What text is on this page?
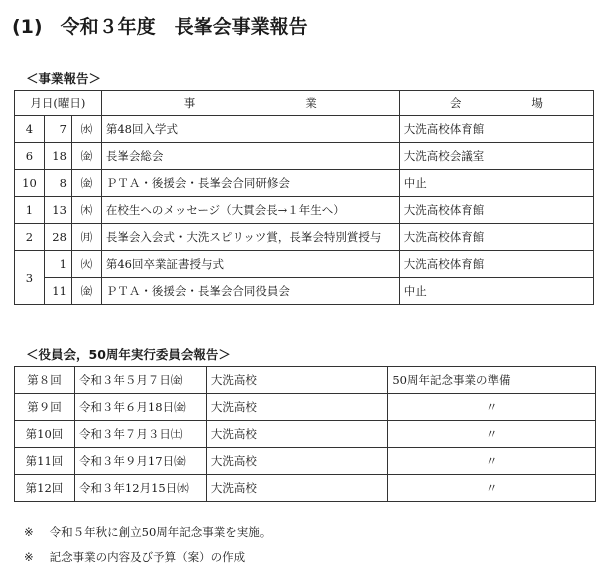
(1) 令和３年度　長峯会事業報告
＜事業報告＞
月日(曜日)			事 業	会 場
4	7	㈬	第48回入学式	大洗高校体育館
6	18	㈮	長峯会総会	大洗高校会議室
10	8	㈮	ＰＴＡ・後援会・長峯会合同研修会	中止
1	13	㈭	在校生へのメッセージ（大貫会長→１年生へ）	大洗高校体育館
2	28	㈪	長峯会入会式・大洗スピリッツ賞，長峯会特別賞授与	大洗高校体育館
3	1	㈫	第46回卒業証書授与式	大洗高校体育館
	11	㈮	ＰＴＡ・後援会・長峯会合同役員会	中止
＜役員会，50周年実行委員会報告＞
第８回	令和３年５月７日㈮	大洗高校	50周年記念事業の準備
第９回	令和３年６月18日㈮	大洗高校	〃
第10回	令和３年７月３日㈯	大洗高校	〃
第11回	令和３年９月17日㈮	大洗高校	〃
第12回	令和３年12月15日㈬	大洗高校	〃
※ 令和５年秋に創立50周年記念事業を実施。
※ 記念事業の内容及び予算（案）の作成
